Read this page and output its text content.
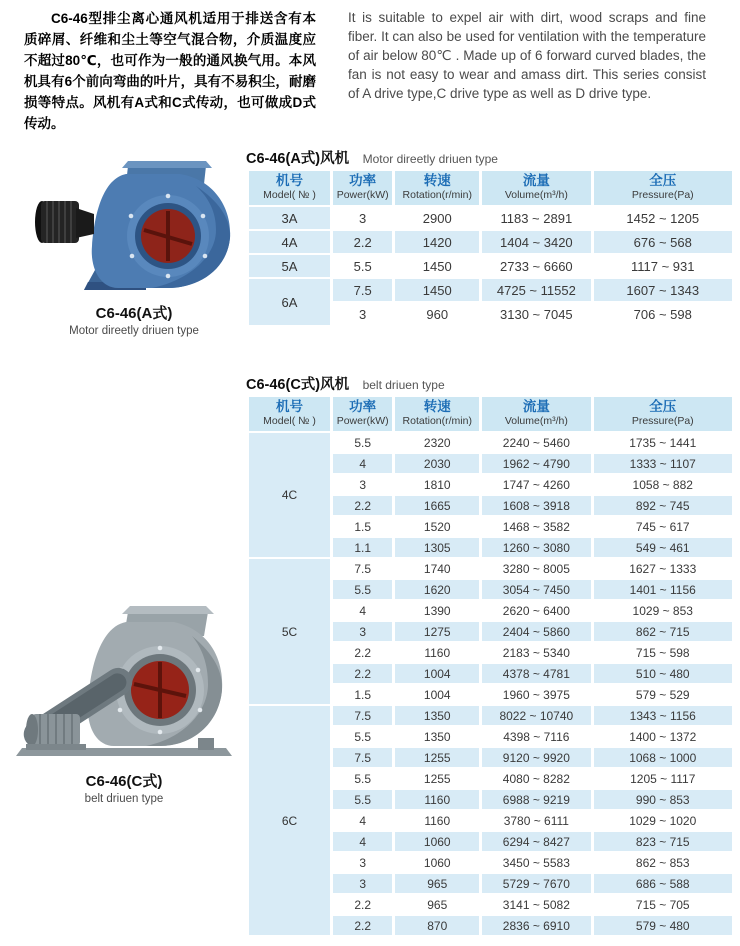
C6-46型排尘离心通风机适用于排送含有本质碎屑、纤维和尘土等空气混合物，介质温度应不超过80℃，也可作为一般的通风换气用。本风机具有6个前向弯曲的叶片，具有不易积尘，耐磨损等特点。风机有A式和C式传动，也可做成D式传动。

It is suitable to expel air with dirt, wood scraps and fine fiber. It can also be used for ventilation with the temperature of air below 80℃ . Made up of 6 forward curved blades, the fan is not easy to wear and amass dirt. This series consist of A drive type,C drive type as well as D drive type.

C6-46(A式)
Motor direetly driuen type
C6-46(C式)
belt driuen type
C6-46(A式)风机 Motor direetly driuen type
机号
Model( № )

功率
Power(kW)

转速
Rotation(r/min)

流量
Volume(m³/h)

全压
Pressure(Pa)

3A	3	2900	1183 ~ 2891	1452 ~ 1205
4A	2.2	1420	1404 ~ 3420	676 ~ 568
5A	5.5	1450	2733 ~ 6660	1117 ~ 931
6A	7.5	1450	4725 ~ 11552	1607 ~ 1343
	3	960	3130 ~ 7045	706 ~ 598
C6-46(C式)风机 belt driuen type
机号
Model( № )

功率
Power(kW)

转速
Rotation(r/min)

流量
Volume(m³/h)

全压
Pressure(Pa)

4C	5.5	2320	2240 ~ 5460	1735 ~ 1441
	4	2030	1962 ~ 4790	1333 ~ 1107
	3	1810	1747 ~ 4260	1058 ~ 882
	2.2	1665	1608 ~ 3918	892 ~ 745
	1.5	1520	1468 ~ 3582	745 ~ 617
	1.1	1305	1260 ~ 3080	549 ~ 461
5C	7.5	1740	3280 ~ 8005	1627 ~ 1333
	5.5	1620	3054 ~ 7450	1401 ~ 1156
	4	1390	2620 ~ 6400	1029 ~ 853
	3	1275	2404 ~ 5860	862 ~ 715
	2.2	1160	2183 ~ 5340	715 ~ 598
	2.2	1004	4378 ~ 4781	510 ~ 480
	1.5	1004	1960 ~ 3975	579 ~ 529
6C	7.5	1350	8022 ~ 10740	1343 ~ 1156
	5.5	1350	4398 ~ 7116	1400 ~ 1372
	7.5	1255	9120 ~ 9920	1068 ~ 1000
	5.5	1255	4080 ~ 8282	1205 ~ 1117
	5.5	1160	6988 ~ 9219	990 ~ 853
	4	1160	3780 ~ 6111	1029 ~ 1020
	4	1060	6294 ~ 8427	823 ~ 715
	3	1060	3450 ~ 5583	862 ~ 853
	3	965	5729 ~ 7670	686 ~ 588
	2.2	965	3141 ~ 5082	715 ~ 705
	2.2	870	2836 ~ 6910	579 ~ 480
